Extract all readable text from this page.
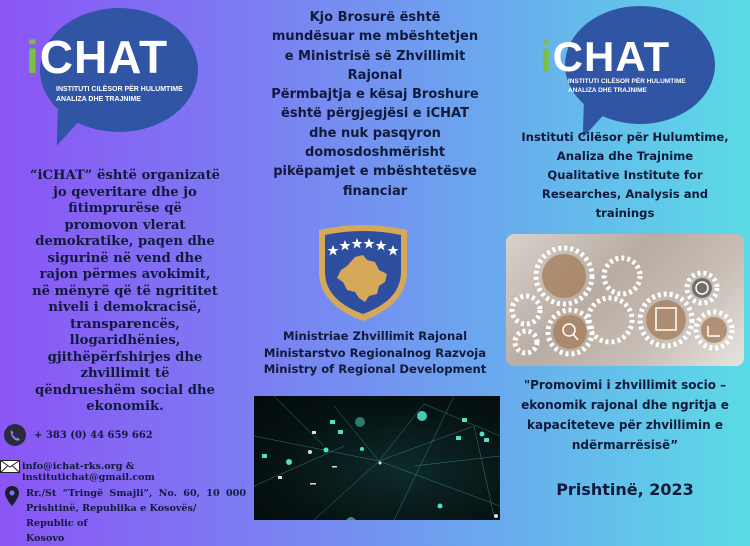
iCHAT
INSTITUTI CILËSOR PËR HULUMTIME
ANALIZA DHE TRAJNIME
“iCHAT” është organizatë
jo qeveritare dhe jo
fitimprurëse që
promovon vlerat
demokratike, paqen dhe
sigurinë në vend dhe
rajon përmes avokimit,
në mënyrë që të ngrititet
niveli i demokracisë,
transparencës,
llogaridhënies,
gjithëpërfshirjes dhe
zhvillimit të
qëndrueshëm social dhe
ekonomik.
+ 383 (0) 44 659 662
info@ichat-rks.org & institutichat@gmail.com
Rr./St “Tringë Smajli”, No. 60, 10 000
Prishtinë, Republika e Kosovës/ Republic of
Kosovo
Kjo Brosurë është
mundësuar me mbështetjen
e Ministrisë së Zhvillimit
Rajonal
Përmbajtja e kësaj Broshure
është përgjegjësi e iCHAT
dhe nuk pasqyron
domosdoshmërisht
pikëpamjet e mbështetësve
financiar
Ministriae Zhvillimit Rajonal
Ministarstvo Regionalnog Razvoja
Ministry of Regional Development
iCHAT
INSTITUTI CILËSOR PËR HULUMTIME
ANALIZA DHE TRAJNIME
Instituti Cilësor për Hulumtime,
Analiza dhe Trajnime
Qualitative Institute for
Researches, Analysis and
trainings
"Promovimi i zhvillimit socio –
ekonomik rajonal dhe ngritja e
kapaciteteve për zhvillimin e
ndërmarrësisë”
Prishtinë, 2023
